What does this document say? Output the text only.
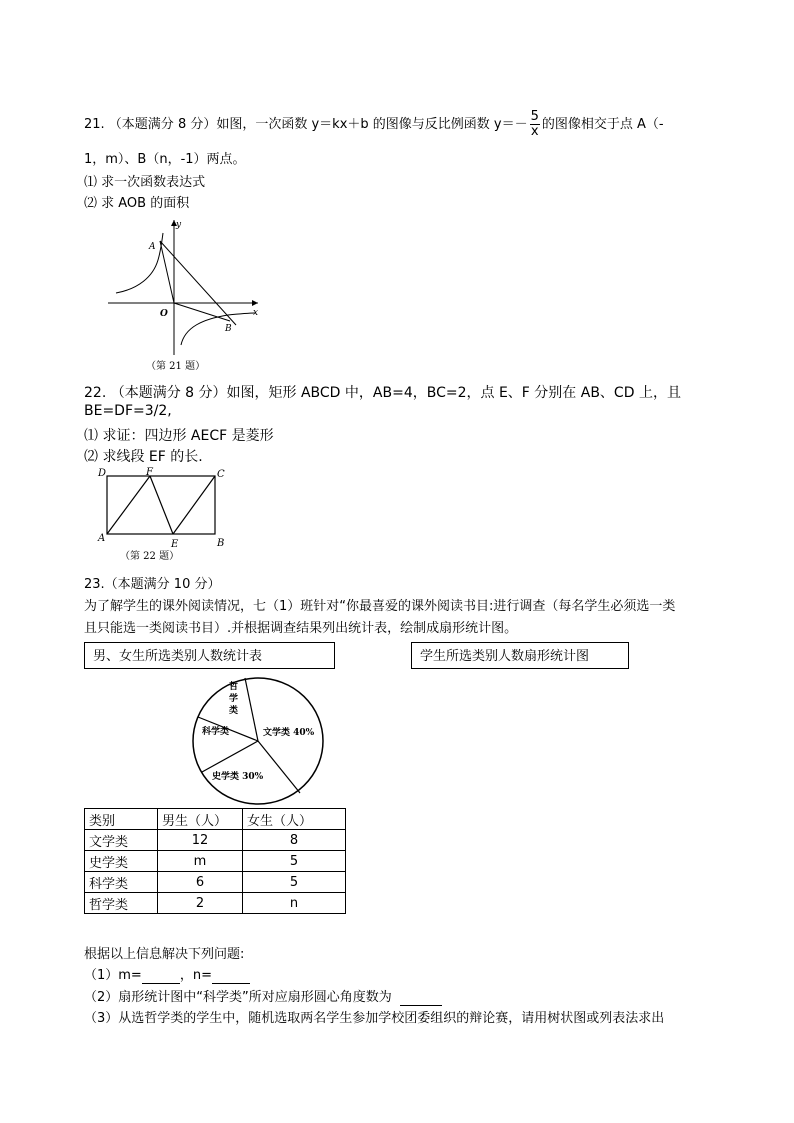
21. （本题满分 8 分）如图，一次函数 y＝kx＋b 的图像与反比例函数 $y=- \frac{5}{x}$ 的图像相交于点 A（-
1，m）、B（n，-1）两点。
⑴ 求一次函数表达式
⑵ 求 AOB 的面积
y
x
A
O
B
（第 21 题）
22. （本题满分 8 分）如图，矩形 ABCD 中，AB=4，BC=2，点 E、F 分别在 AB、CD 上，且
BE=DF=3/2,
⑴ 求证：四边形 AECF 是菱形
⑵ 求线段 EF 的长.
D	F	C
A
E	B
（第 22 题）
23.（本题满分 10 分）
为了解学生的课外阅读情况，七（1）班针对“你最喜爱的课外阅读书目:进行调查（每名学生必须选一类
且只能选一类阅读书目）.并根据调查结果列出统计表，绘制成扇形统计图。
男、女生所选类别人数统计表	学生所选类别人数扇形统计图
哲
学
类
科学类	文学类 40%
史学类 30%
类别	男生（人）	女生（人）
文学类	12	8
史学类	m	5
科学类	6	5
哲学类	2	n
根据以上信息解决下列问题:
（1）m=	，n=
（2）扇形统计图中“科学类”所对应扇形圆心角度数为
（3）从选哲学类的学生中，随机选取两名学生参加学校团委组织的辩论赛，请用树状图或列表法求出
